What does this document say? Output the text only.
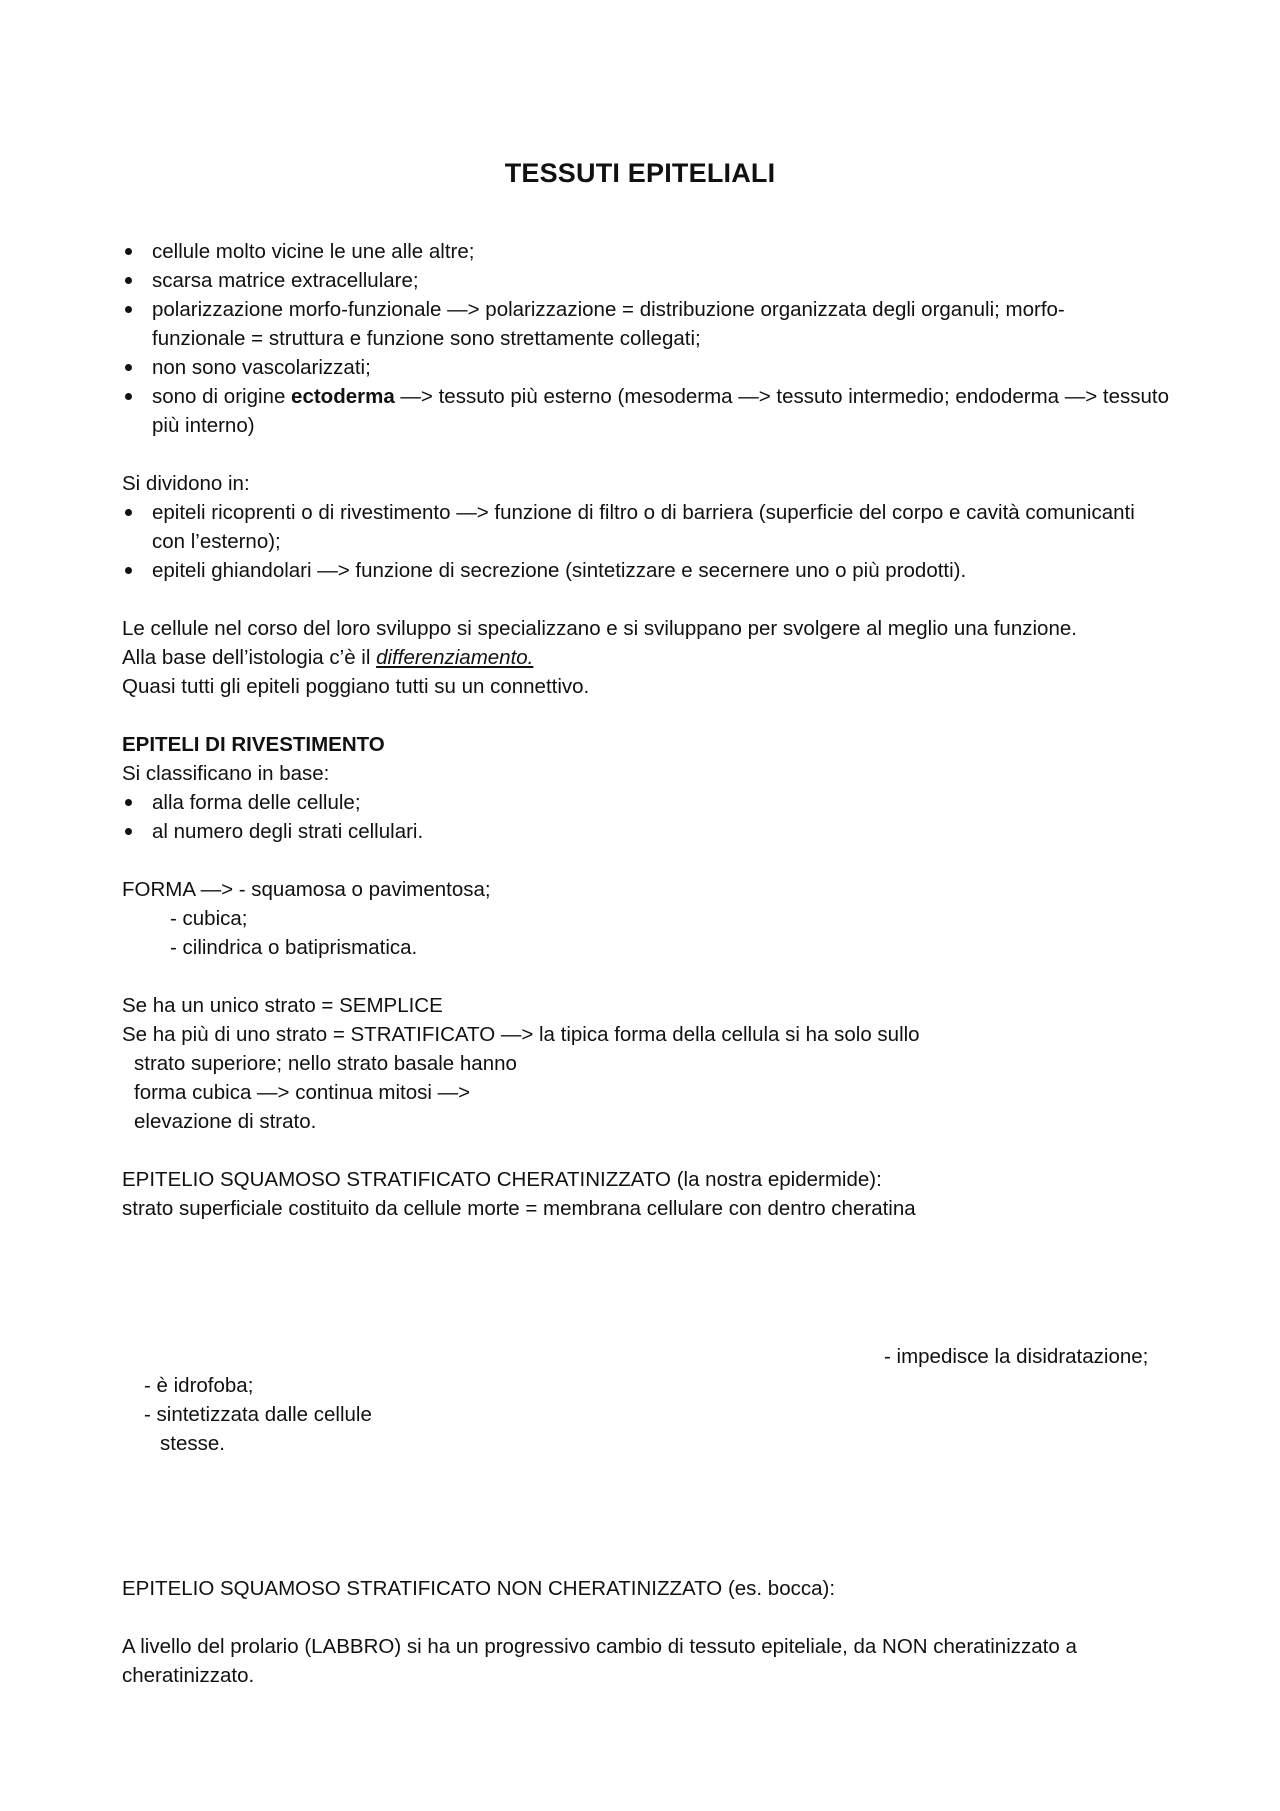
TESSUTI EPITELIALI
cellule molto vicine le une alle altre;
scarsa matrice extracellulare;
polarizzazione morfo-funzionale —> polarizzazione = distribuzione organizzata degli organuli; morfo-funzionale = struttura e funzione sono strettamente collegati;
non sono vascolarizzati;
sono di origine ectoderma —> tessuto più esterno (mesoderma —> tessuto intermedio; endoderma —> tessuto più interno)
Si dividono in:
epiteli ricoprenti o di rivestimento —> funzione di filtro o di barriera (superficie del corpo e cavità comunicanti con l’esterno);
epiteli ghiandolari —> funzione di secrezione (sintetizzare e secernere uno o più prodotti).
Le cellule nel corso del loro sviluppo si specializzano e si sviluppano per svolgere al meglio una funzione.
Alla base dell’istologia c’è il differenziamento.
Quasi tutti gli epiteli poggiano tutti su un connettivo.
EPITELI DI RIVESTIMENTO
Si classificano in base:
alla forma delle cellule;
al numero degli strati cellulari.
FORMA —> - squamosa o pavimentosa;
- cubica;
- cilindrica o batiprismatica.
Se ha un unico strato = SEMPLICE
Se ha più di uno strato = STRATIFICATO —> la tipica forma della cellula si ha solo sullo
strato superiore; nello strato basale hanno
forma cubica —> continua mitosi —>
elevazione di strato.
EPITELIO SQUAMOSO STRATIFICATO CHERATINIZZATO (la nostra epidermide):
strato superficiale costituito da cellule morte = membrana cellulare con dentro cheratina
- impedisce la disidratazione;
- è idrofoba;
- sintetizzata dalle cellule
stesse.
EPITELIO SQUAMOSO STRATIFICATO NON CHERATINIZZATO (es. bocca):
A livello del prolario (LABBRO) si ha un progressivo cambio di tessuto epiteliale, da NON cheratinizzato a cheratinizzato.
